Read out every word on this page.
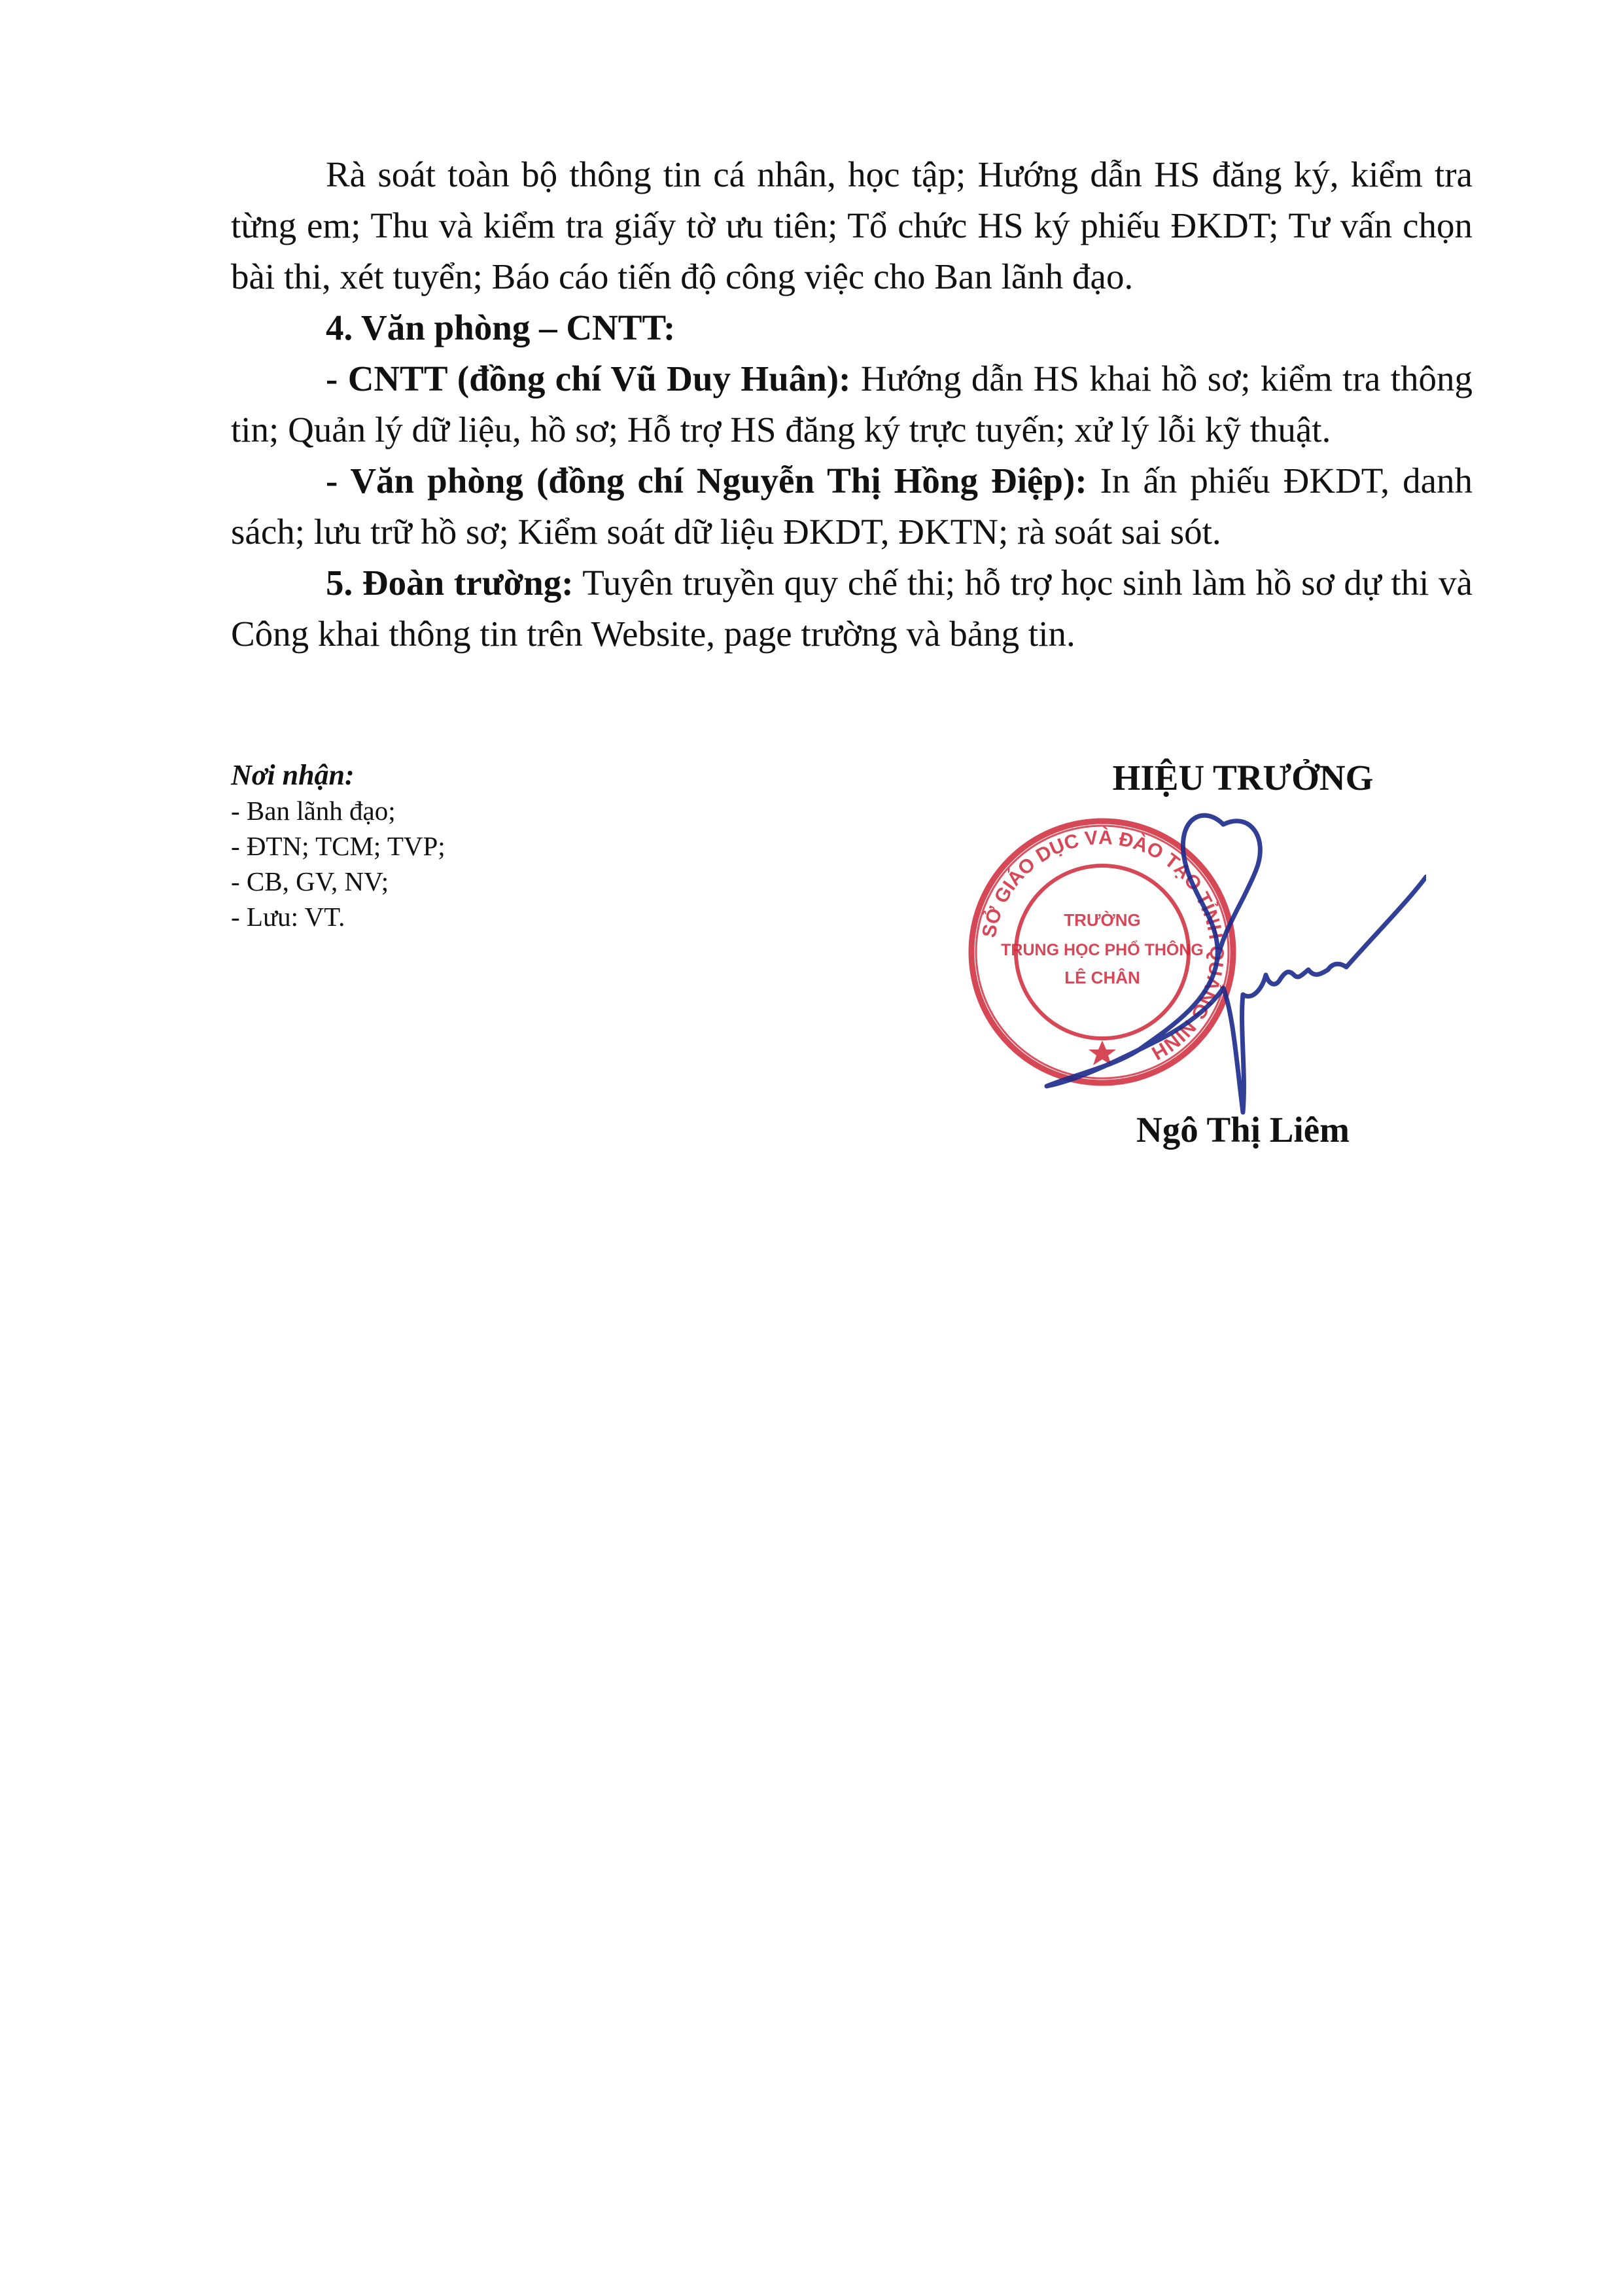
Rà soát toàn bộ thông tin cá nhân, học tập; Hướng dẫn HS đăng ký, kiểm tra từng em; Thu và kiểm tra giấy tờ ưu tiên; Tổ chức HS ký phiếu ĐKDT; Tư vấn chọn bài thi, xét tuyển; Báo cáo tiến độ công việc cho Ban lãnh đạo.

4. Văn phòng – CNTT:

- CNTT (đồng chí Vũ Duy Huân): Hướng dẫn HS khai hồ sơ; kiểm tra thông tin; Quản lý dữ liệu, hồ sơ; Hỗ trợ HS đăng ký trực tuyến; xử lý lỗi kỹ thuật.

- Văn phòng (đồng chí Nguyễn Thị Hồng Điệp): In ấn phiếu ĐKDT, danh sách; lưu trữ hồ sơ; Kiểm soát dữ liệu ĐKDT, ĐKTN; rà soát sai sót.

5. Đoàn trường: Tuyên truyền quy chế thi; hỗ trợ học sinh làm hồ sơ dự thi và Công khai thông tin trên Website, page trường và bảng tin.

Nơi nhận:
- Ban lãnh đạo;
- ĐTN; TCM; TVP;
- CB, GV, NV;
- Lưu: VT.
HIỆU TRƯỞNG
SỞ GIÁO DỤC VÀ ĐÀO TẠO TỈNH QUẢNG NINH
TRƯỜNG
TRUNG HỌC PHỔ THÔNG
LÊ CHÂN
Ngô Thị Liêm
